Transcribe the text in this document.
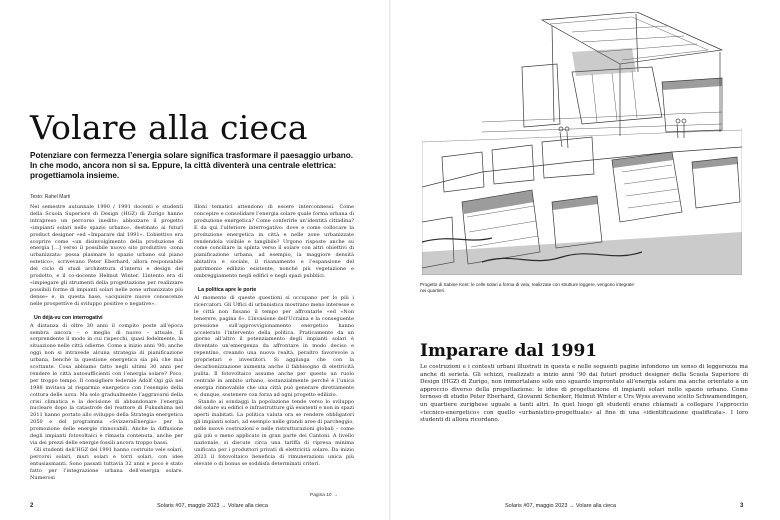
Volare alla cieca

Potenziare con fermezza l’energia solare significa trasformare il paesaggio urbano. In che modo, ancora non si sa. Eppure, la città diventerà una centrale elettrica: progettiamola insieme.

Testo: Rahel Marti

Nel semestre autunnale 1990 / 1991 docenti e studenti della Scuola Superiore di Design (HGZ) di Zurigo hanno intrapreso un percorso inedito: abbozzare il progetto «impianti solari nello spazio urbano», destinato ai futuri product designer «ed «Imparare dal 1991». L’obiettivo era scoprire come «un disinvolgimento della produzione di energia […] verso il possibile nuovo sito produttivo ‹zona urbanizzata› possa plasmare lo spazio urbano sul piano estetico», scrivevano Peter Eberhard, allora responsabile del ciclo di studi architettura d’interni e design del prodotto, e il co-docente Helmut Winter. L’intento era di «impiegare gli strumenti della progettazione per realizzare possibili forme di impianti solari nelle zone urbanizzate più dense» e, in questa base, «acquisire nuove conoscenze nelle prospettive di sviluppo positive o negative».

Un déjà-vu con interrogativi

A distanza di oltre 30 anni il compito poste all’epoca sembra ancora – o meglio di nuovo – attuale. E sorprendente il modo in cui rispecchi, quasi fedelmente, la situazione nelle città odierne. Come a inizio anni ’90, anche oggi non si intravede alcuna strategia di pianificazione urbana, benché la questione energetica sia più che mai scottante. Cosa abbiamo fatto negli ultimi 30 anni per rendere le città autosufficienti con l’energia solare? Poco, per troppo tempo. Il consigliere federale Adolf Ogi già nel 1988 invitava al risparmio energetico con l’esempio della cottura delle uova. Ma solo gradualmente l’aggravarsi della crisi climatica e la decisione di abbandonare l’energia nucleare dopo la catastrofe del reattore di Fukushima nel 2011 hanno portato allo sviluppo della Strategia energetica 2050 e del programma «SvizzeraEnergia» per la promozione delle energie rinnovabili. Anche la diffusione degli impianti fotovoltaici è rimasta contenuta, anche per via dei prezzi delle energie fossili ancora troppo bassi.

Gli studenti dell’HGZ del 1991 hanno costruito vele solari, percorsi solari, muri solari e torri solari, con idee entusiasmanti. Sono passati tuttavia 32 anni e poco è stato fatto per l’integrazione urbana dell’energia solare. Numerosi

Illoni tematici attendono di essere interconnessi. Come concepire e consolidare l’energia solare quale forma urbana di produzione energetica? Come conferirle un’identità cittadina? E da qui l’ulteriore interrogativo: dove e come collocare la produzione energetica in città e nelle zone urbanizzate rendendola visibile e tangibile? Urgono risposte anche su come conciliare la spinta verso il solare con altri obiettivi di pianificazione urbana, ad esempio, la maggiore densità abitativa e sociale, il risanamento e l’espansione del patrimonio edilizio esistente, nonché più vegetazione e ombreggiamento negli edifici e negli spazi pubblici.

La politica apre le porte

Al momento di queste questioni si occupano per lo più i ricercatori. Gli Uffici di urbanistica mostrano meno interesse e le città non fissano il tempo per affrontarle «ed «Non tenerere, pagina 6». L’invasione dell’Ucraina e la conseguente pressione sull’approvvigionamento energetico hanno accelerato l’intervento della politica. Praticamente da un giorno all’altro il potenziamento degli impianti solari è diventato un’emergenza da affrontare in modo deciso e repentino, creando una nuova realtà, peraltro favorevole a proprietari e investitori. Si aggiunga che con la decarbonizzazione aumenta anche il fabbisogno di elettricità pulita. Il fotovoltaico assume anche per questo un ruolo centrale in ambito urbano, sostanzialmente perché è l’unica energia rinnovabile che una città può generare direttamente e, dunque, sostenere con forza ad ogni progetto edilizio.

Stando ai sondaggi la popolazione tende verso lo sviluppo del solare su edifici e infrastrutture già esistenti e non in spazi aperti inabitati. La politica valuta ora se rendere obbligatori gli impianti solari, ad esempio nelle grandi aree di parcheggio, nelle nuove costruzioni e nelle ristrutturazioni globali – come già più o meno applicato in gran parte dei Cantoni. A livello nazionale, si discute circa una tariffa di ripresa minima unificata per i produttori privati di elettricità solare. Da inizio 2023 il fotovoltaico beneficia di rimunerazioni unica più elevate o di bonus se soddisfa determinati criteri.

Pagina 10 →
2	Solaris #07, maggio 2023 → Volare alla cieca

Progetto di Sabine Kent: le celle solari a forma di vela, realizzate con strutture leggere, vengono integrate nei quartieri.

Imparare dal 1991

Le costruzioni e i contesti urbani illustrati in questa e nelle seguenti pagine infondono un senso di leggerezza ma anche di serietà. Gli schizzi, realizzati a inizio anni ’90 dai futuri product designer della Scuola Superiore di Design (HGZ) di Zurigo, non immortalano solo uno sguardo improntato all’energia solare ma anche orientato a un approccio diverso della progettazione: le idee di progettazione di impianti solari nello spazio urbano. Come ternoso di studio Peter Eberhard, Giovanni Schenker, Helmut Winter e Urs Wyss avevano scelto Schwamendingen, un quartiere zurighese uguale a tanti altri. In quel luogo gli studenti erano chiamati a collegare l’approccio «tecnico-energetico» con quello «urbanistico-progettuale» al fine di una «identificazione qualificata». I loro studenti di allora ricordano.

Solaris #07, maggio 2023 → Volare alla cieca	3
